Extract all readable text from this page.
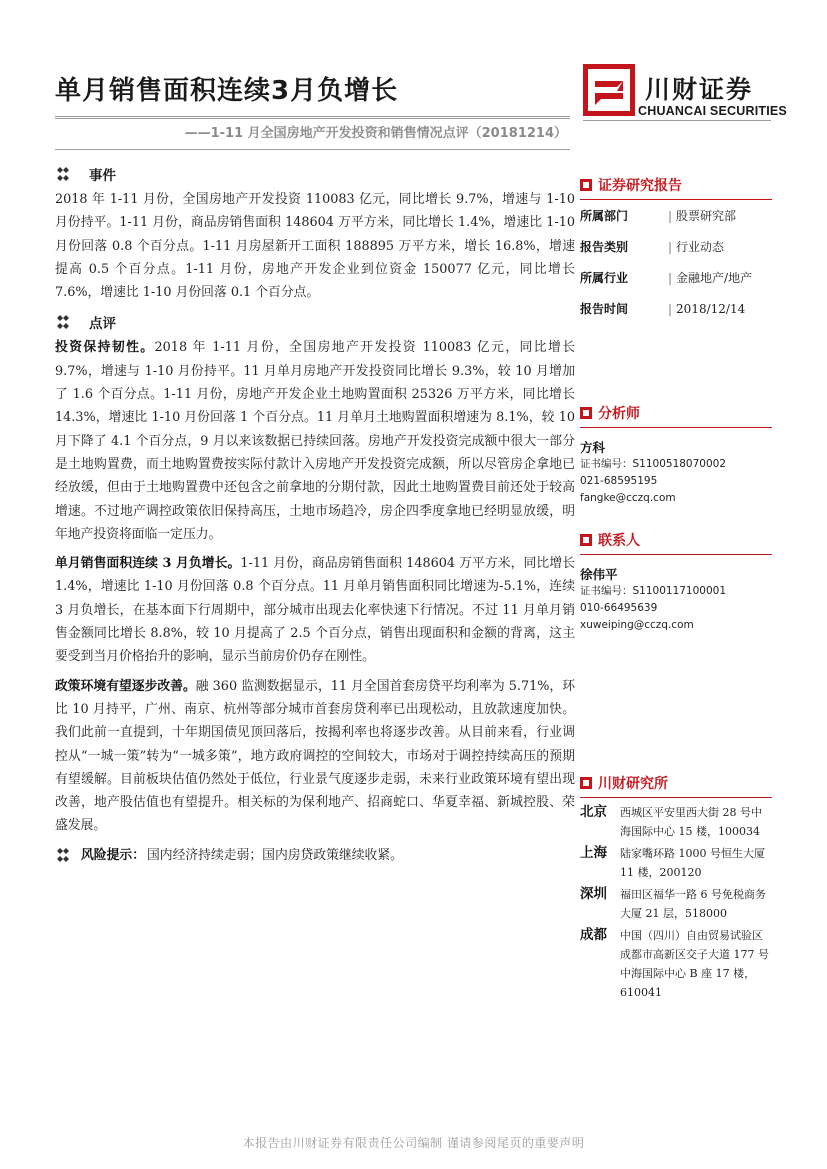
单月销售面积连续3月负增长	川财证券
CHUANCAI SECURITIES
——1-11 月全国房地产开发投资和销售情况点评（20181214）
事件

2018 年 1-11 月份，全国房地产开发投资 110083 亿元，同比增长 9.7%，增速与 1-10 月份持平。1-11 月份，商品房销售面积 148604 万平方米，同比增长 1.4%，增速比 1-10 月份回落 0.8 个百分点。1-11 月房屋新开工面积 188895 万平方米，增长 16.8%，增速提高 0.5 个百分点。1-11 月份，房地产开发企业到位资金 150077 亿元，同比增长 7.6%，增速比 1-10 月份回落 0.1 个百分点。

点评

投资保持韧性。2018 年 1-11 月份，全国房地产开发投资 110083 亿元，同比增长 9.7%，增速与 1-10 月份持平。11 月单月房地产开发投资同比增长 9.3%，较 10 月增加了 1.6 个百分点。1-11 月份，房地产开发企业土地购置面积 25326 万平方米，同比增长 14.3%，增速比 1-10 月份回落 1 个百分点。11 月单月土地购置面积增速为 8.1%，较 10 月下降了 4.1 个百分点，9 月以来该数据已持续回落。房地产开发投资完成额中很大一部分是土地购置费，而土地购置费按实际付款计入房地产开发投资完成额，所以尽管房企拿地已经放缓，但由于土地购置费中还包含之前拿地的分期付款，因此土地购置费目前还处于较高增速。不过地产调控政策依旧保持高压，土地市场趋冷，房企四季度拿地已经明显放缓，明年地产投资将面临一定压力。

单月销售面积连续 3 月负增长。1-11 月份，商品房销售面积 148604 万平方米，同比增长 1.4%，增速比 1-10 月份回落 0.8 个百分点。11 月单月销售面积同比增速为-5.1%，连续 3 月负增长，在基本面下行周期中，部分城市出现去化率快速下行情况。不过 11 月单月销售金额同比增长 8.8%，较 10 月提高了 2.5 个百分点，销售出现面积和金额的背离，这主要受到当月价格抬升的影响，显示当前房价仍存在刚性。

政策环境有望逐步改善。融 360 监测数据显示，11 月全国首套房贷平均利率为 5.71%，环比 10 月持平，广州、南京、杭州等部分城市首套房贷利率已出现松动，且放款速度加快。我们此前一直提到，十年期国债见顶回落后，按揭利率也将逐步改善。从目前来看，行业调控从“一城一策”转为“一城多策”，地方政府调控的空间较大，市场对于调控持续高压的预期有望缓解。目前板块估值仍然处于低位，行业景气度逐步走弱，未来行业政策环境有望出现改善，地产股估值也有望提升。相关标的为保利地产、招商蛇口、华夏幸福、新城控股、荣盛发展。

风险提示： 国内经济持续走弱；国内房贷政策继续收紧。
证券研究报告
所属部门	| 股票研究部
报告类别	| 行业动态
所属行业	| 金融地产/地产
报告时间	| 2018/12/14
分析师
方科
证书编号：S1100518070002
021-68595195
fangke@cczq.com
联系人
徐伟平
证书编号：S1100117100001
010-66495639
xuweiping@cczq.com
川财研究所
北京	西城区平安里西大街 28 号中海国际中心 15 楼，100034
上海	陆家嘴环路 1000 号恒生大厦 11 楼，200120
深圳	福田区福华一路 6 号免税商务大厦 21 层，518000
成都	中国（四川）自由贸易试验区成都市高新区交子大道 177 号中海国际中心 B 座 17 楼，610041
本报告由川财证券有限责任公司编制 谨请参阅尾页的重要声明
